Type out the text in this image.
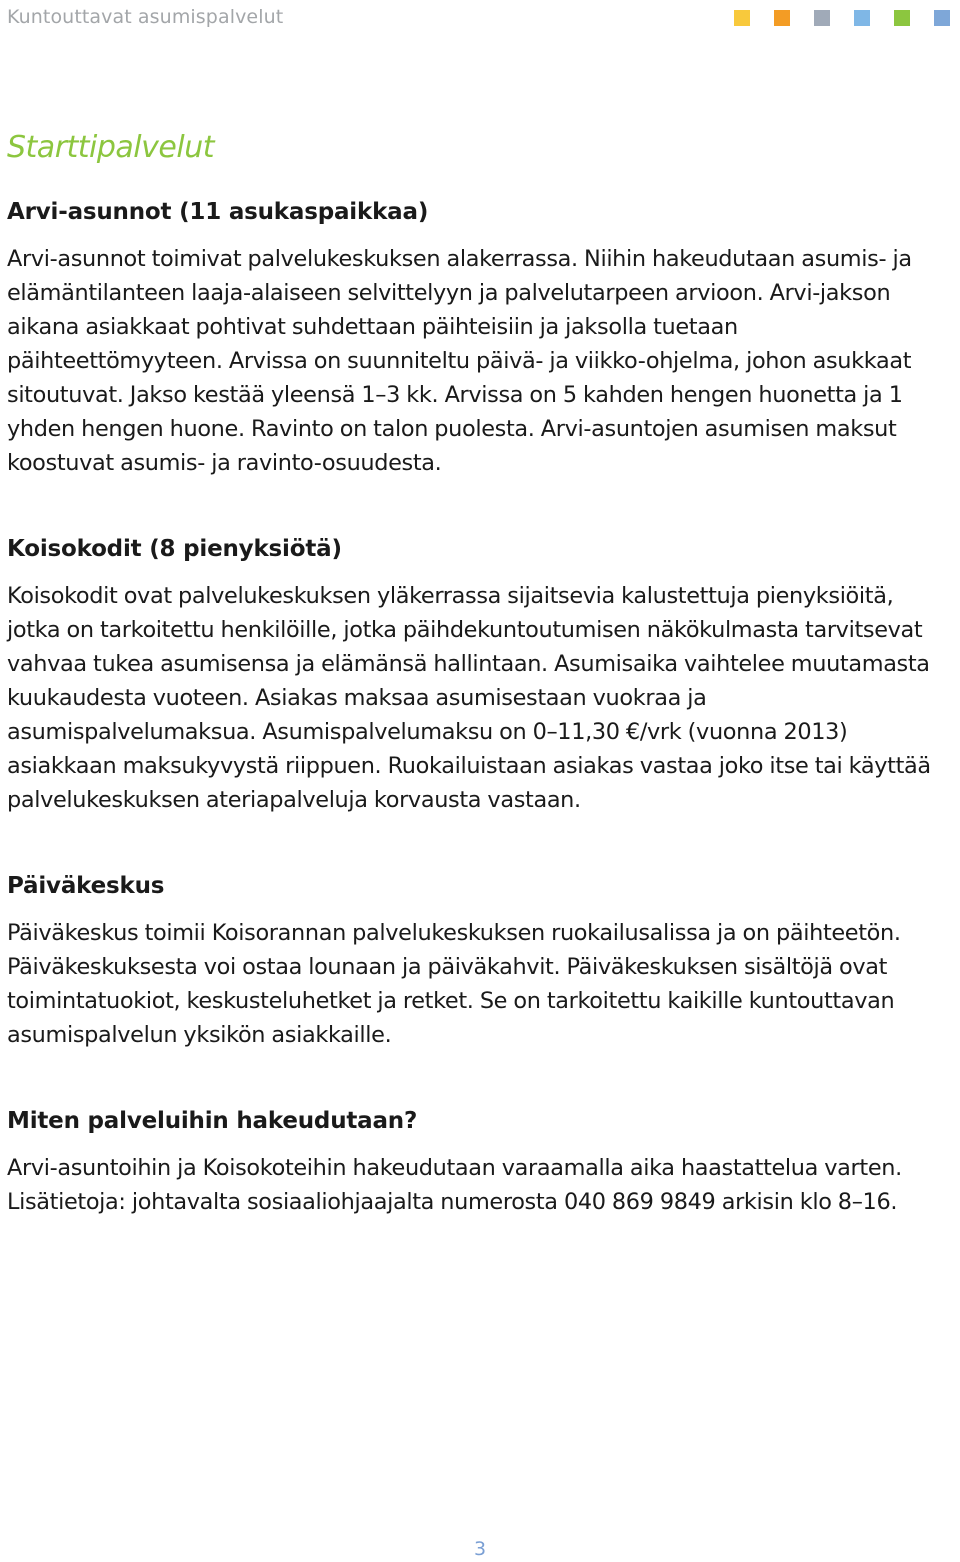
Kuntouttavat asumispalvelut
Starttipalvelut
Arvi-asunnot (11 asukaspaikkaa)

Arvi-asunnot toimivat palvelukeskuksen alakerrassa. Niihin hakeudutaan asumis- ja elämäntilanteen laaja-alaiseen selvittelyyn ja palvelutarpeen arvioon. Arvi-jakson aikana asiakkaat pohtivat suhdettaan päihteisiin ja jaksolla tuetaan päihteettömyyteen. Arvissa on suunniteltu päivä- ja viikko-ohjelma, johon asukkaat sitoutuvat. Jakso kestää yleensä 1–3 kk. Arvissa on 5 kahden hengen huonetta ja 1 yhden hengen huone. Ravinto on talon puolesta. Arvi-asuntojen asumisen maksut koostuvat asumis- ja ravinto-osuudesta.

Koisokodit (8 pienyksiötä)

Koisokodit ovat palvelukeskuksen yläkerrassa sijaitsevia kalustettuja pienyksiöitä, jotka on tarkoitettu henkilöille, jotka päihdekuntoutumisen näkökulmasta tarvitsevat vahvaa tukea asumisensa ja elämänsä hallintaan. Asumisaika vaihtelee muutamasta kuukaudesta vuoteen. Asiakas maksaa asumisestaan vuokraa ja asumispalvelumaksua. Asumispalvelumaksu on 0–11,30 €/vrk (vuonna 2013) asiakkaan maksukyvystä riippuen. Ruokailuistaan asiakas vastaa joko itse tai käyttää palvelukeskuksen ateriapalveluja korvausta vastaan.

Päiväkeskus

Päiväkeskus toimii Koisorannan palvelukeskuksen ruokailusalissa ja on päihteetön. Päiväkeskuksesta voi ostaa lounaan ja päiväkahvit. Päiväkeskuksen sisältöjä ovat toimintatuokiot, keskusteluhetket ja retket. Se on tarkoitettu kaikille kuntouttavan asumispalvelun yksikön asiakkaille.

Miten palveluihin hakeudutaan?

Arvi-asuntoihin ja Koisokoteihin hakeudutaan varaamalla aika haastattelua varten. Lisätietoja: johtavalta sosiaaliohjaajalta numerosta 040 869 9849 arkisin klo 8–16.

3
